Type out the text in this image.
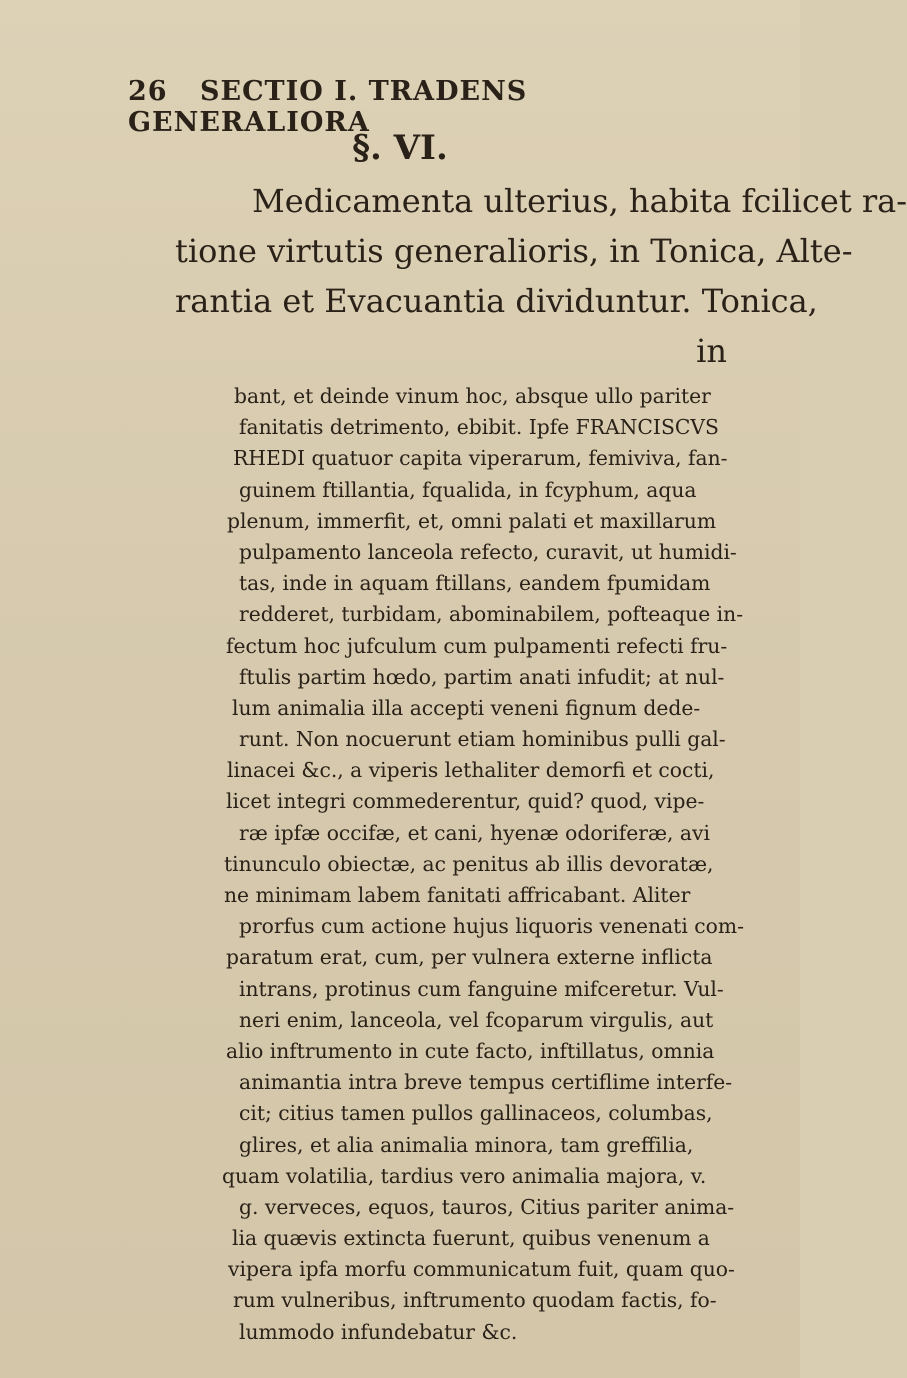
26 SECTIO I. TRADENS GENERALIORA
§. VI.
Medicamenta ulterius, habita fcilicet ra-
tione virtutis generalioris, in Tonica, Alte-
rantia et Evacuantia dividuntur. Tonica,
in
bant, et deinde vinum hoc, absque ullo pariter
fanitatis detrimento, ebibit. Ipfe FRANCISCVS
RHEDI quatuor capita viperarum, femiviva, fan-
guinem ftillantia, fqualida, in fcyphum, aqua
plenum, immerfit, et, omni palati et maxillarum
pulpamento lanceola refecto, curavit, ut humidi-
tas, inde in aquam ftillans, eandem fpumidam
redderet, turbidam, abominabilem, pofteaque in-
fectum hoc jufculum cum pulpamenti refecti fru-
ftulis partim hœdo, partim anati infudit; at nul-
lum animalia illa accepti veneni fignum dede-
runt. Non nocuerunt etiam hominibus pulli gal-
linacei &c., a viperis lethaliter demorfi et cocti,
licet integri commederentur, quid? quod, vipe-
ræ ipfæ occifæ, et cani, hyenæ odoriferæ, avi
tinunculo obiectæ, ac penitus ab illis devoratæ,
ne minimam labem fanitati affricabant. Aliter
prorfus cum actione hujus liquoris venenati com-
paratum erat, cum, per vulnera externe inflicta
intrans, protinus cum fanguine mifceretur. Vul-
neri enim, lanceola, vel fcoparum virgulis, aut
alio inftrumento in cute facto, inftillatus, omnia
animantia intra breve tempus certiflime interfe-
cit; citius tamen pullos gallinaceos, columbas,
glires, et alia animalia minora, tam greffilia,
quam volatilia, tardius vero animalia majora, v.
g. verveces, equos, tauros, Citius pariter anima-
lia quævis extincta fuerunt, quibus venenum a
vipera ipfa morfu communicatum fuit, quam quo-
rum vulneribus, inftrumento quodam factis, fo-
lummodo infundebatur &c.
